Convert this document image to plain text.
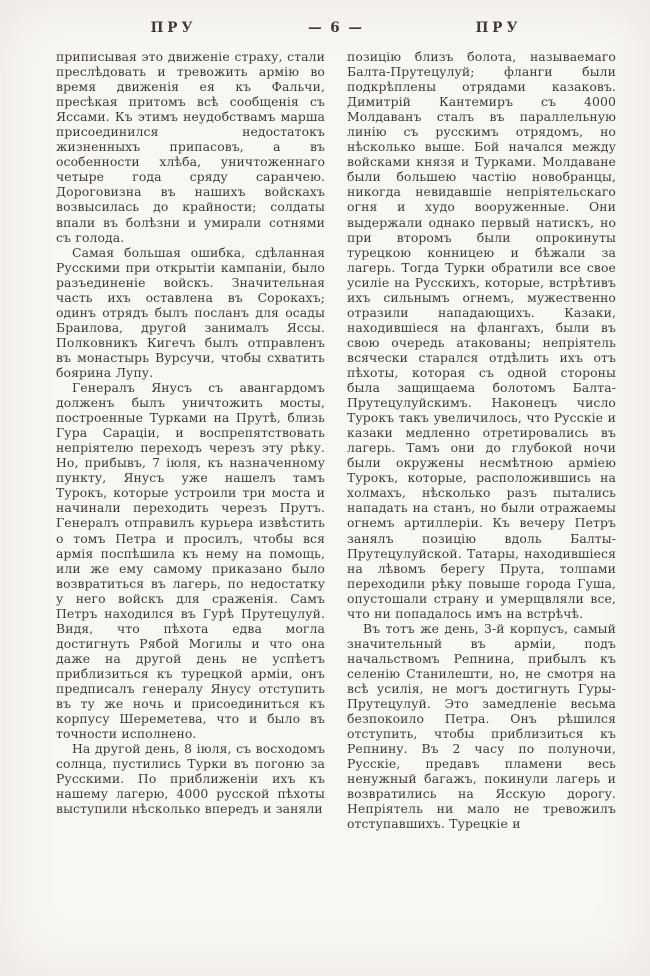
ПРУ	— 6 —	ПРУ

приписывая это движеніе страху, стали преслѣдовать и тревожить армію во время движенія ея къ Фальчи, пресѣкая притомъ всѣ сообщенія съ Яссами. Къ этимъ неудобствамъ марша присоединился недостатокъ жизненныхъ припасовъ, а въ особенности хлѣба, уничтоженнаго четыре года сряду саранчею. Дороговизна въ нашихъ войскахъ возвысилась до крайности; солдаты впали въ болѣзни и умирали сотнями съ голода.

Самая большая ошибка, сдѣланная Русскими при открытіи кампаніи, было разъединеніе войскъ. Значительная часть ихъ оставлена въ Сорокахъ; одинъ отрядъ былъ посланъ для осады Браилова, другой занималъ Яссы. Полковникъ Кигечъ былъ отправленъ въ монастырь Вурсучи, чтобы схватить боярина Лупу.

Генералъ Янусъ съ авангардомъ долженъ былъ уничтожить мосты, построенные Турками на Прутѣ, близь Гура Сараціи, и воспрепятствовать непріятелю переходъ черезъ эту рѣку. Но, прибывъ, 7 іюля, къ назначенному пункту, Янусъ уже нашелъ тамъ Турокъ, которые устроили три моста и начинали переходить черезъ Прутъ. Генералъ отправилъ курьера извѣстить о томъ Петра и просилъ, чтобы вся армія поспѣшила къ нему на помощь, или же ему самому приказано было возвратиться въ лагерь, по недостатку у него войскъ для сраженія. Самъ Петръ находился въ Гурѣ Прутецулуй. Видя, что пѣхота едва могла достигнуть Рябой Могилы и что она даже на другой день не успѣетъ приблизиться къ турецкой арміи, онъ предписалъ генералу Янусу отступить въ ту же ночь и присоединиться къ корпусу Шереметева, что и было въ точности исполнено.

На другой день, 8 іюля, съ восходомъ солнца, пустились Турки въ погоню за Русскими. По приближеніи ихъ къ нашему лагерю, 4000 русской пѣхоты выступили нѣсколько впередъ и заняли

позицію близъ болота, называемаго Балта-Прутецулуй; фланги были подкрѣплены отрядами казаковъ. Димитрій Кантемиръ съ 4000 Молдаванъ сталъ въ параллельную линію съ русскимъ отрядомъ, но нѣсколько выше. Бой начался между войсками князя и Турками. Молдаване были большею частію новобранцы, никогда невидавшіе непріятельскаго огня и худо вооруженные. Они выдержали однако первый натискъ, но при второмъ были опрокинуты турецкою конницею и бѣжали за лагерь. Тогда Турки обратили все свое усиліе на Русскихъ, которые, встрѣтивъ ихъ сильнымъ огнемъ, мужественно отразили нападающихъ. Казаки, находившіеся на флангахъ, были въ свою очередь атакованы; непріятель всячески старался отдѣлить ихъ отъ пѣхоты, которая съ одной стороны была защищаема болотомъ Балта-Прутецулуйскимъ. Наконецъ число Турокъ такъ увеличилось, что Русскіе и казаки медленно отретировались въ лагерь. Тамъ они до глубокой ночи были окружены несмѣтною арміею Турокъ, которые, расположившись на холмахъ, нѣсколько разъ пытались нападать на станъ, но были отражаемы огнемъ артиллеріи. Къ вечеру Петръ занялъ позицію вдоль Балты-Прутецулуйской. Татары, находившіеся на лѣвомъ берегу Прута, толпами переходили рѣку повыше города Гуша, опустошали страну и умерщвляли все, что ни попадалось имъ на встрѣчѣ.

Въ тотъ же день, 3-й корпусъ, самый значительный въ арміи, подъ начальствомъ Репнина, прибылъ къ селенію Станилешти, но, не смотря на всѣ усилія, не могъ достигнуть Гуры-Прутецулуй. Это замедленіе весьма безпокоило Петра. Онъ рѣшился отступить, чтобы приблизиться къ Репнину. Въ 2 часу по полуночи, Русскіе, предавъ пламени весь ненужный багажъ, покинули лагерь и возвратились на Ясскую дорогу. Непріятель ни мало не тревожилъ отступавшихъ. Турецкіе и
